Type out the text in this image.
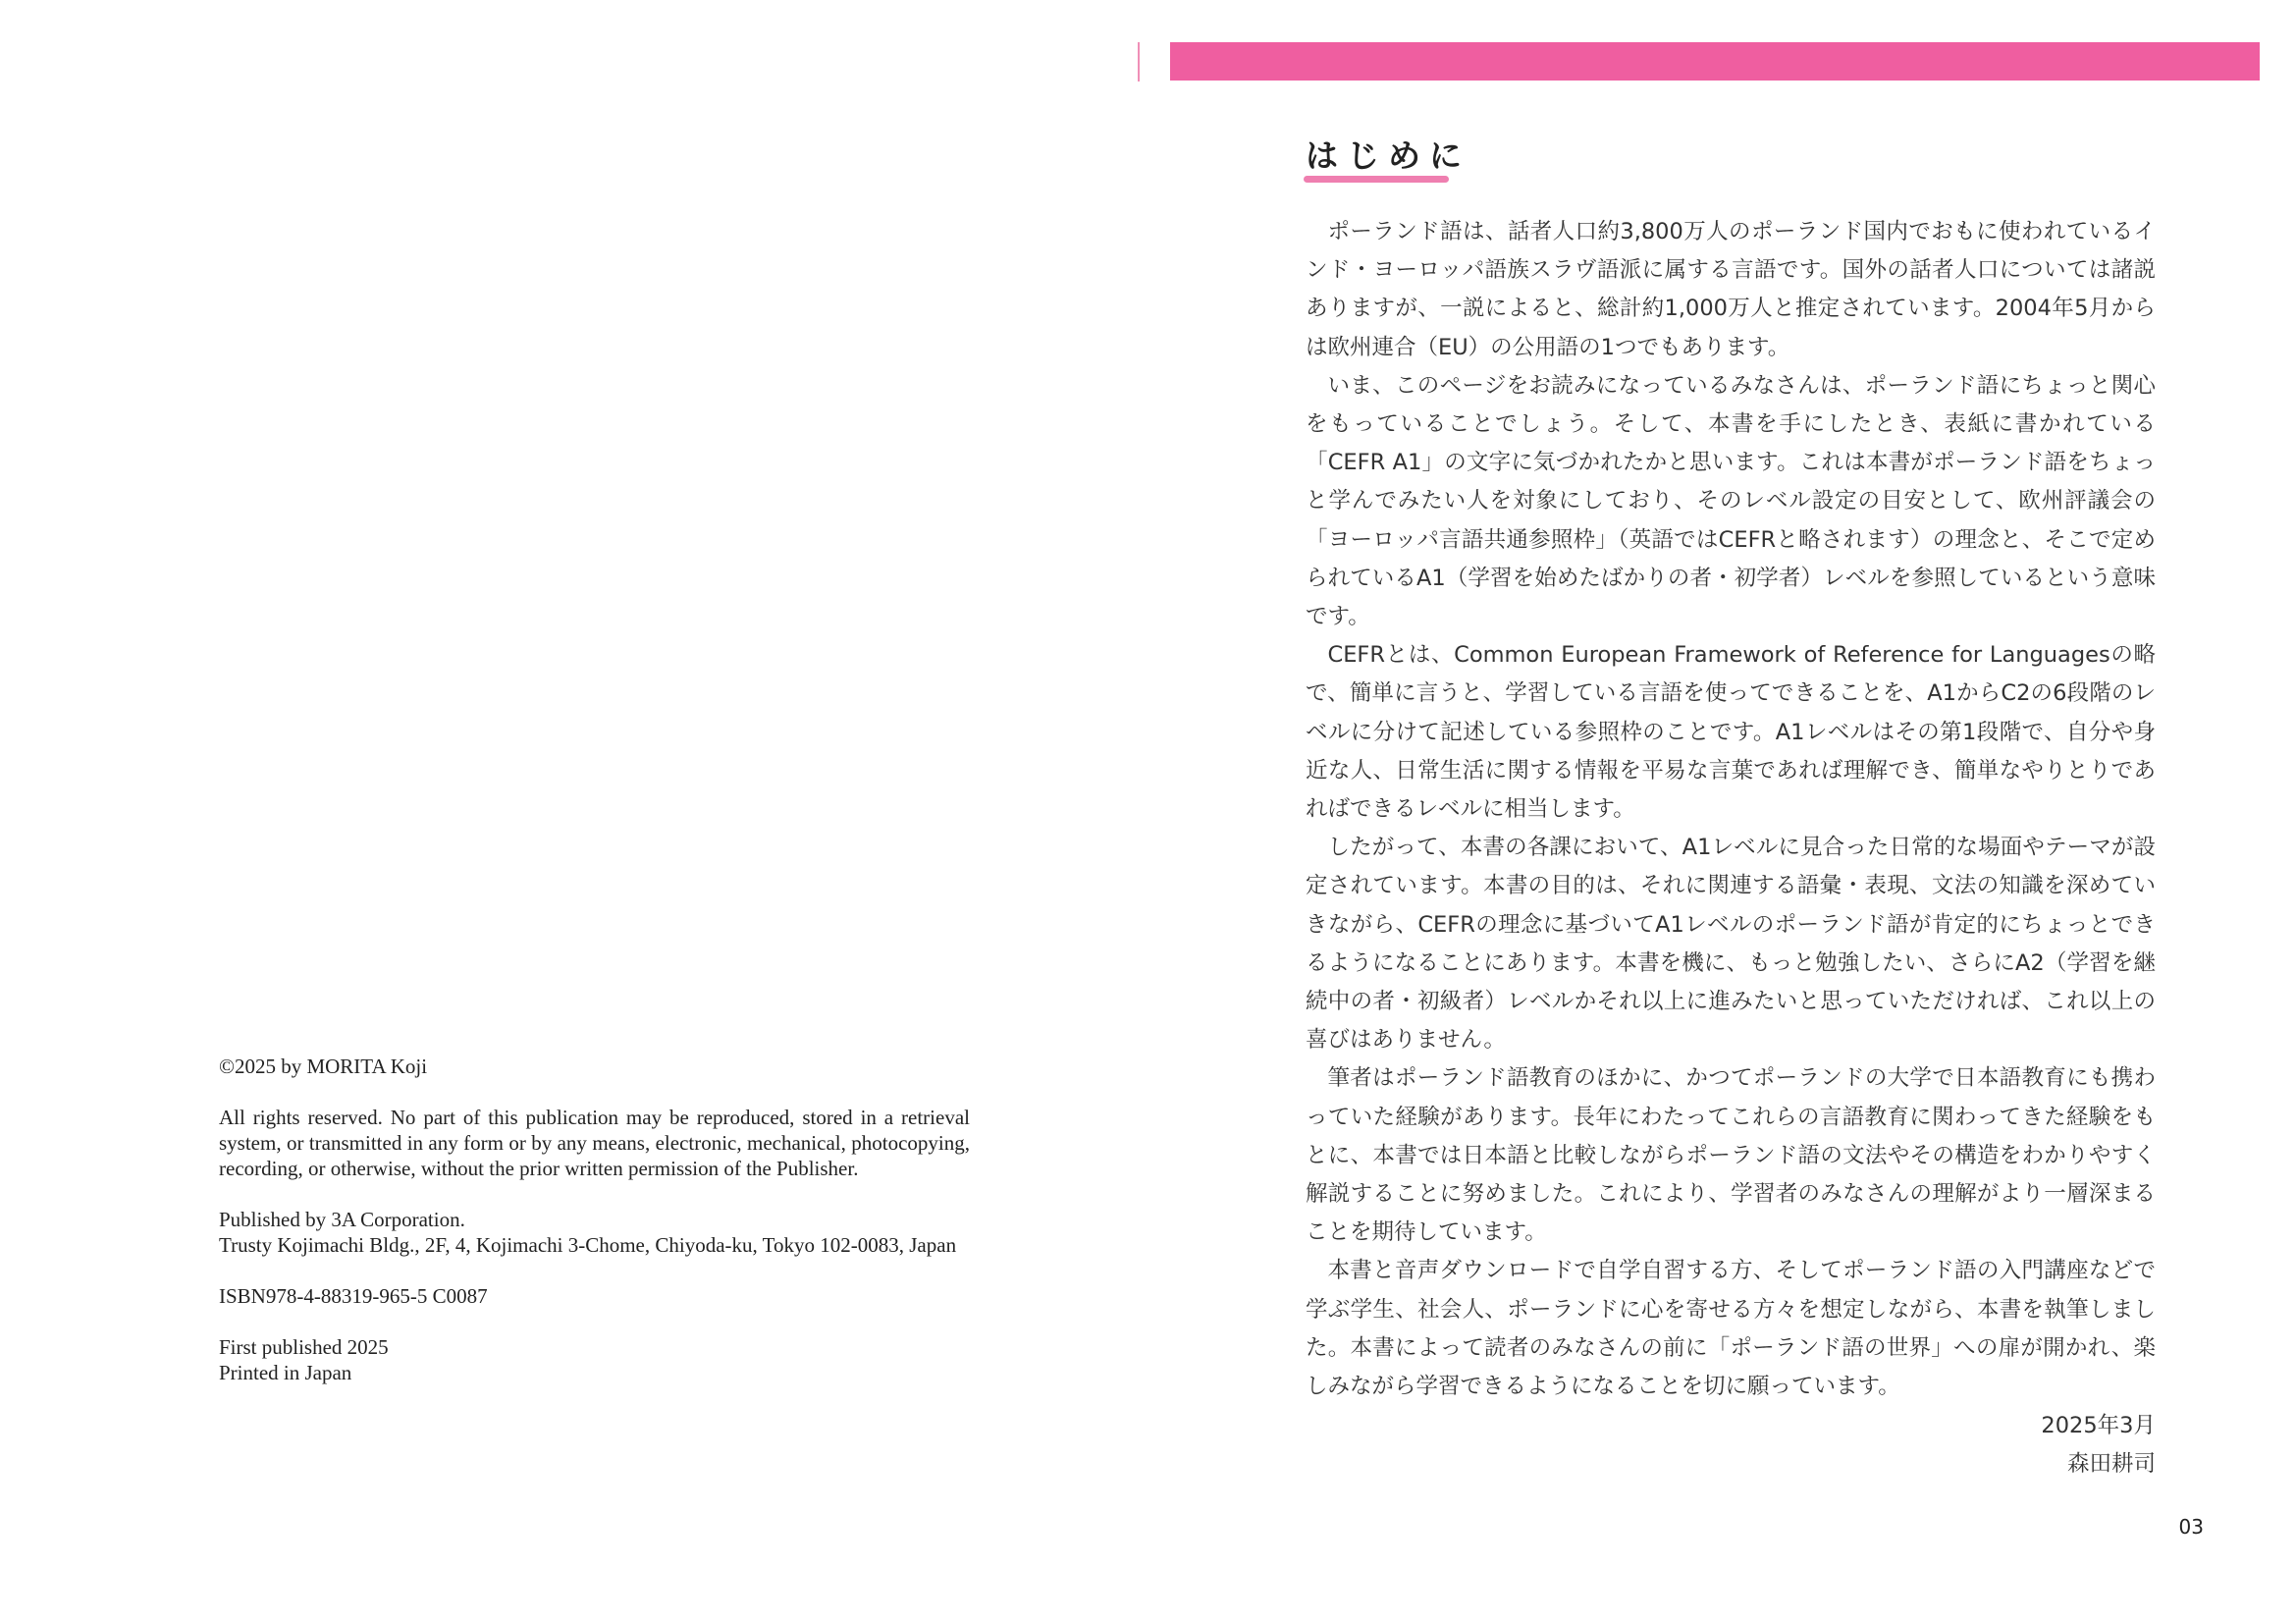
©2025 by MORITA Koji

All rights reserved. No part of this publication may be reproduced, stored in a retrieval system, or transmitted in any form or by any means, electronic, mechanical, photocopying, recording, or otherwise, without the prior written permission of the Publisher.

Published by 3A Corporation.

Trusty Kojimachi Bldg., 2F, 4, Kojimachi 3-Chome, Chiyoda-ku, Tokyo 102-0083, Japan

ISBN978-4-88319-965-5 C0087

First published 2025

Printed in Japan

はじめに

ポーランド語は、話者人口約3,800万人のポーランド国内でおもに使われているインド・ヨーロッパ語族スラヴ語派に属する言語です。国外の話者人口については諸説ありますが、一説によると、総計約1,000万人と推定されています。2004年5月からは欧州連合（EU）の公用語の1つでもあります。

いま、このページをお読みになっているみなさんは、ポーランド語にちょっと関心をもっていることでしょう。そして、本書を手にしたとき、表紙に書かれている「CEFR A1」の文字に気づかれたかと思います。これは本書がポーランド語をちょっと学んでみたい人を対象にしており、そのレベル設定の目安として、欧州評議会の「ヨーロッパ言語共通参照枠」（英語ではCEFRと略されます）の理念と、そこで定められているA1（学習を始めたばかりの者・初学者）レベルを参照しているという意味です。

CEFRとは、Common European Framework of Reference for Languagesの略で、簡単に言うと、学習している言語を使ってできることを、A1からC2の6段階のレベルに分けて記述している参照枠のことです。A1レベルはその第1段階で、自分や身近な人、日常生活に関する情報を平易な言葉であれば理解でき、簡単なやりとりであればできるレベルに相当します。

したがって、本書の各課において、A1レベルに見合った日常的な場面やテーマが設定されています。本書の目的は、それに関連する語彙・表現、文法の知識を深めていきながら、CEFRの理念に基づいてA1レベルのポーランド語が肯定的にちょっとできるようになることにあります。本書を機に、もっと勉強したい、さらにA2（学習を継続中の者・初級者）レベルかそれ以上に進みたいと思っていただければ、これ以上の喜びはありません。

筆者はポーランド語教育のほかに、かつてポーランドの大学で日本語教育にも携わっていた経験があります。長年にわたってこれらの言語教育に関わってきた経験をもとに、本書では日本語と比較しながらポーランド語の文法やその構造をわかりやすく解説することに努めました。これにより、学習者のみなさんの理解がより一層深まることを期待しています。

本書と音声ダウンロードで自学自習する方、そしてポーランド語の入門講座などで学ぶ学生、社会人、ポーランドに心を寄せる方々を想定しながら、本書を執筆しました。本書によって読者のみなさんの前に「ポーランド語の世界」への扉が開かれ、楽しみながら学習できるようになることを切に願っています。

2025年3月
森田耕司
03
